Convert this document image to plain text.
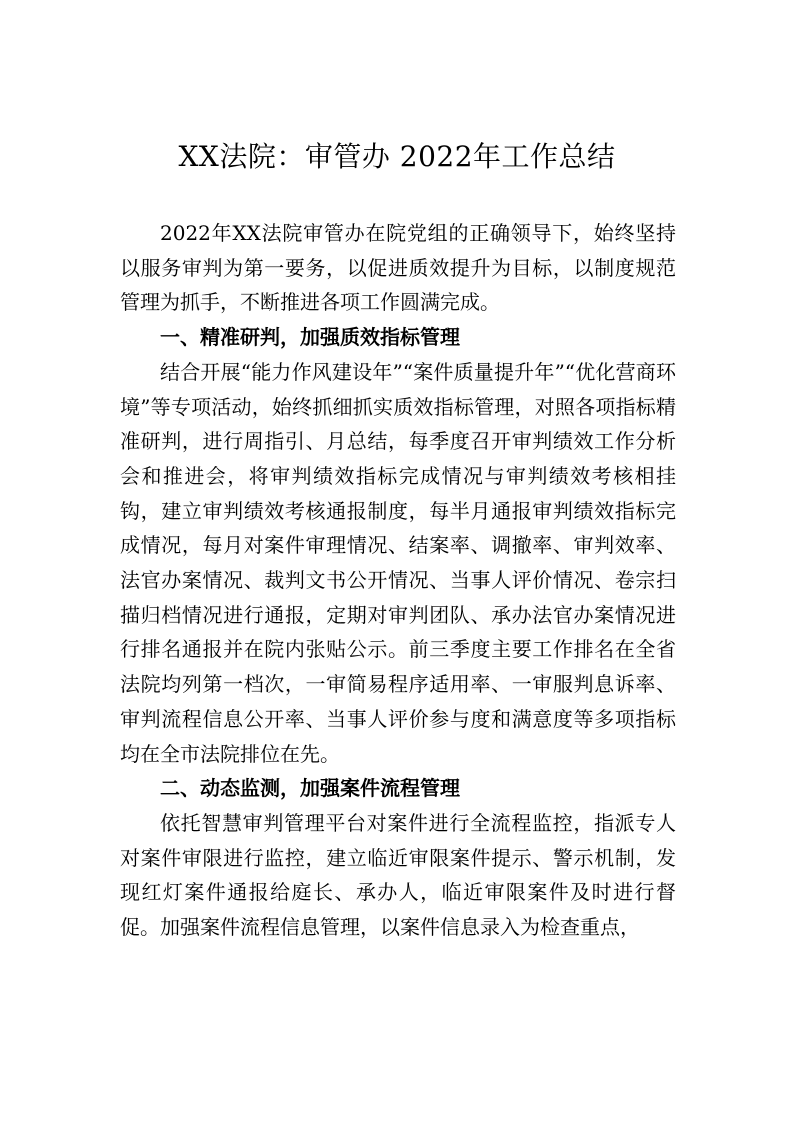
XX法院：审管办 2022年工作总结

2022年XX法院审管办在院党组的正确领导下，始终坚持以服务审判为第一要务，以促进质效提升为目标，以制度规范管理为抓手，不断推进各项工作圆满完成。

一、精准研判，加强质效指标管理

结合开展“能力作风建设年”“案件质量提升年”“优化营商环境”等专项活动，始终抓细抓实质效指标管理，对照各项指标精准研判，进行周指引、月总结，每季度召开审判绩效工作分析会和推进会，将审判绩效指标完成情况与审判绩效考核相挂钩，建立审判绩效考核通报制度，每半月通报审判绩效指标完成情况，每月对案件审理情况、结案率、调撤率、审判效率、法官办案情况、裁判文书公开情况、当事人评价情况、卷宗扫描归档情况进行通报，定期对审判团队、承办法官办案情况进行排名通报并在院内张贴公示。前三季度主要工作排名在全省法院均列第一档次，一审简易程序适用率、一审服判息诉率、审判流程信息公开率、当事人评价参与度和满意度等多项指标均在全市法院排位在先。

二、动态监测，加强案件流程管理

依托智慧审判管理平台对案件进行全流程监控，指派专人对案件审限进行监控，建立临近审限案件提示、警示机制，发现红灯案件通报给庭长、承办人，临近审限案件及时进行督促。加强案件流程信息管理，以案件信息录入为检查重点，
